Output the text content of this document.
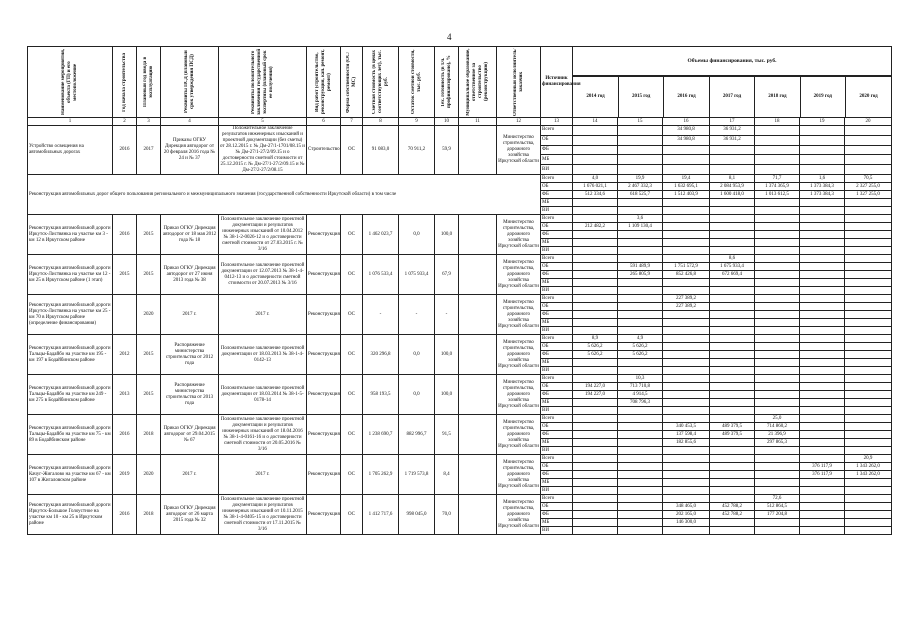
4
Наименование мероприятия, объекта (ГП) и его местоположение	Год начала строительства	Плановый год ввода в эксплуатацию	Реквизиты ПСД (плановый срок утверждения ПСД)	Реквизиты положительного заключения государственной экспертизы (плановый срок ее получения)	Вид работ (строительство, реконструкция, кап. ремонт, ремонт)	Форма собственности (ОС/МС)	Сметная стоимость (в ценах соответствующих лет), тыс. руб.	Остаток сметной стоимости, тыс. руб.	Тех. готовность (в т.ч. профинансировано), %	Муниципальное образование, ответственное за строительство (реконструкцию)	Ответственный исполнитель/заказчик	Источник финансирования	
Объемы финансирования, тыс. руб.
2014 год	2015 год	2016 год	2017 год	2018 год	2019 год	2020 год

1	2	3	4	5	6	7	8	9	10	11	12	13	14	15	16	17	18	19	20
Устройство освещения на автомобильных дорогах	2016	2017	Приказы ОГКУ Дирекция автодорог от 20 февраля 2016 года № 24 и № 37	Положительное заключение результатов инженерных изысканий и проектной документации (без сметы) от 28.12.2015 г. № Дм-27/1-1701/08.15 и № Дм-27/1-27/2/09.15 и о достоверности сметной стоимости от 25.12.2015 г. № Дм-27/1-27/2/09.15 и № Дм-27/2-27/2/08.15	Строительство	ОС	91 083,0	70 911,2	59,9		Министерство строительства, дорожного хозяйства Иркутской области	Всего			34 980,8	36 931,2			
ОБ			34 980,8	36 931,2			
ФБ							
МБ							
ВИ							
Реконструкция автомобильных дорог общего пользования регионального и межмуниципального значения (государственной собственности Иркутской области) в том числе	Всего	4,0	19,9	19,4	8,1	71,7	1,6	70,5
ОБ	1 676 021,1	2 467 332,3	1 632 695,1	2 084 953,9	1 374 365,9	1 373 384,3	2 327 255,0
ФБ	512 334,6	618 525,7	1 512 403,9	1 600 418,0	1 013 612,5	1 373 384,3	1 327 255,0
МБ							
ВИ							
Реконструкция автомобильной дороги Иркутск-Листвянка на участке км 3 - км 12 в Иркутском районе	2016	2015	Приказ ОГКУ Дирекция автодорог от 18 мая 2012 года № 18	Положительное заключение проектной документации и результатов инженерных изысканий от 10.04.2012 № 38-1-2-0026-12 и о достоверности сметной стоимости от 27.03.2015 г. № 3/16	Реконструкция	ОС	1 462 023,7	0,0	100,0		Министерство строительства, дорожного хозяйства Иркутской области	Всего		3,6					
ОБ	212 482,2	1 109 130,4					
ФБ							
МБ							
ВИ							
Реконструкция автомобильной дороги Иркутск-Листвянка на участке км 12 - км 25 в Иркутском районе (1 этап)	2015	2015	Приказ ОГКУ Дирекция автодорог от 27 июня 2013 года № 38	Положительное заключение проектной документации от 12.07.2013 № 38-1-4-0412-13 и о достоверности сметной стоимости от 20.07.2013 № 3/16	Реконструкция	ОС	1 076 533,4	1 075 933,4	67,9		Министерство строительства, дорожного хозяйства Иркутской области	Всего				8,6			
ОБ		591 489,9	1 751 572,9	1 675 933,4			
ФБ		265 805,9	852 426,8	672 669,4			
МБ							
ВИ							
Реконструкция автомобильной дороги Иркутск-Листвянка на участке км 25 - км 70 в Иркутском районе (определение финансирования)		2020	2017 г.	2017 г.	Реконструкция	ОС	-	-	-		Министерство строительства, дорожного хозяйства Иркутской области	Всего			227 389,2				
ОБ			227 389,2				
ФБ							
МБ							
ВИ							
Реконструкция автомобильной дороги Тальцы-Бадайбо на участке км 195 - км 197 в Бодайбинском районе	2012	2015	Распоряжение министерства строительства от 2012 года	Положительное заключение проектной документации от 18.03.2013 № 38-1-4-0142-13	Реконструкция	ОС	320 296,8	0,0	100,0		Министерство строительства, дорожного хозяйства Иркутской области	Всего	8,9	4,9					
ОБ	5 626,2	5 626,2					
ФБ	5 626,2	5 626,2					
МБ							
ВИ							
Реконструкция автомобильной дороги Тальцы-Бадайбо на участке км 249 - км 275 в Бодайбинском районе	2013	2015	Распоряжение министерства строительства от 2013 года	Положительное заключение проектной документации от 18.03.2014 № 38-1-5-0178-14	Реконструкция	ОС	958 193,5	0,0	100,0		Министерство строительства, дорожного хозяйства Иркутской области	Всего		10,3					
ОБ	194 227,0	713 710,8					
ФБ	194 227,0	4 914,5					
МБ		708 796,3					
ВИ							
Реконструкция автомобильной дороги Тальцы-Бадайбо на участке км 75 - км 89 в Бодайбинском районе	2016	2018	Приказ ОГКУ Дирекция автодорог от 29.04.2015 № 67	Положительное заключение проектной документации и результатов инженерных изысканий от 18.04.2016 № 38-1-4-0161-16 и о достоверности сметной стоимости от 20.05.2016 № 3/16	Реконструкция	ОС	1 238 690,7	882 996,7	91,5		Министерство строительства, дорожного хозяйства Иркутской области	Всего					25,0		
ОБ			340 453,5	489 379,5	714 860,2		
ФБ			137 598,4	489 379,5	21 396,9		
МБ			182 855,6		297 865,3		
ВИ							
Реконструкция автомобильной дороги Качуг-Жигалово на участке км 67 - км 107 в Жигаловском районе	2019	2020	2017 г.	2017 г.	Реконструкция	ОС	1 705 262,9	1 719 573,8	8,4		Министерство строительства, дорожного хозяйства Иркутской области	Всего							20,9
ОБ						376 117,9	1 343 262,0
ФБ						376 117,9	1 343 262,0
МБ							
ВИ							
Реконструкция автомобильной дороги Иркутск-Большое Голоустное на участке км 10 - км 25 в Иркутском районе	2016	2018	Приказ ОГКУ Дирекция автодорог от 26 марта 2015 года № 32	Положительное заключение проектной документации и результатов инженерных изысканий от 10.11.2015 № 38-1-4-0405-15 и о достоверности сметной стоимости от 17.11.2015 № 3/16	Реконструкция	ОС	1 412 717,6	998 045,0	70,0		Министерство строительства, дорожного хозяйства Иркутской области	Всего					72,6		
ОБ			348 465,0	452 788,2	512 864,5		
ФБ			202 165,0	452 788,2	177 204,8		
МБ			146 300,0				
ВИ							
